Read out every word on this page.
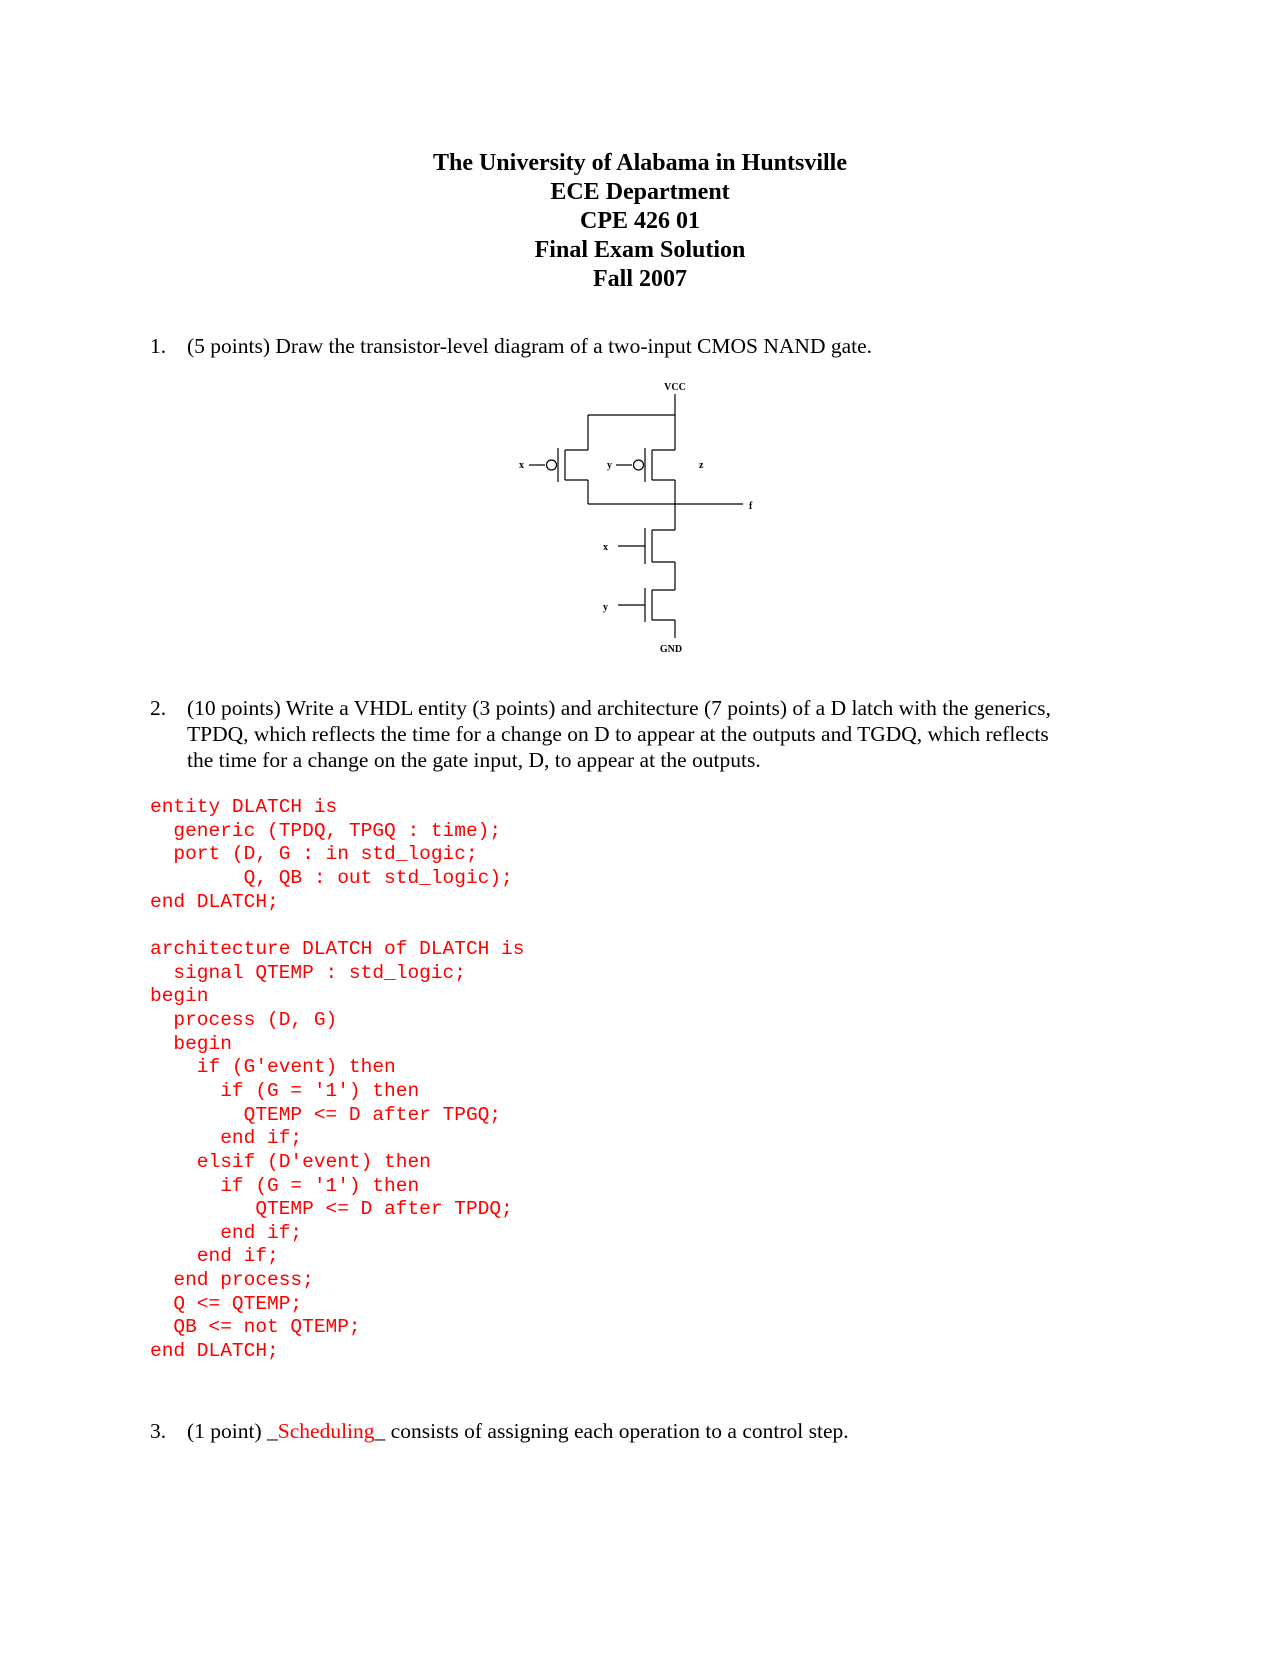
The University of Alabama in Huntsville
ECE Department
CPE 426 01
Final Exam Solution
Fall 2007
1. (5 points) Draw the transistor-level diagram of a two-input CMOS NAND gate.
VCC
x	y	z
f
x
y
GND
2. (10 points) Write a VHDL entity (3 points) and architecture (7 points) of a D latch with the generics,
TPDQ, which reflects the time for a change on D to appear at the outputs and TGDQ, which reflects
the time for a change on the gate input, D, to appear at the outputs.
entity DLATCH is
generic (TPDQ, TPGQ : time);
port (D, G : in std_logic;
Q, QB : out std_logic);
end DLATCH;

architecture DLATCH of DLATCH is
signal QTEMP : std_logic;
begin
process (D, G)
begin
if (G'event) then
if (G = '1') then
QTEMP <= D after TPGQ;
end if;
elsif (D'event) then
if (G = '1') then
QTEMP <= D after TPDQ;
end if;
end if;
end process;
Q <= QTEMP;
QB <= not QTEMP;
end DLATCH;
3. (1 point) _Scheduling_ consists of assigning each operation to a control step.
